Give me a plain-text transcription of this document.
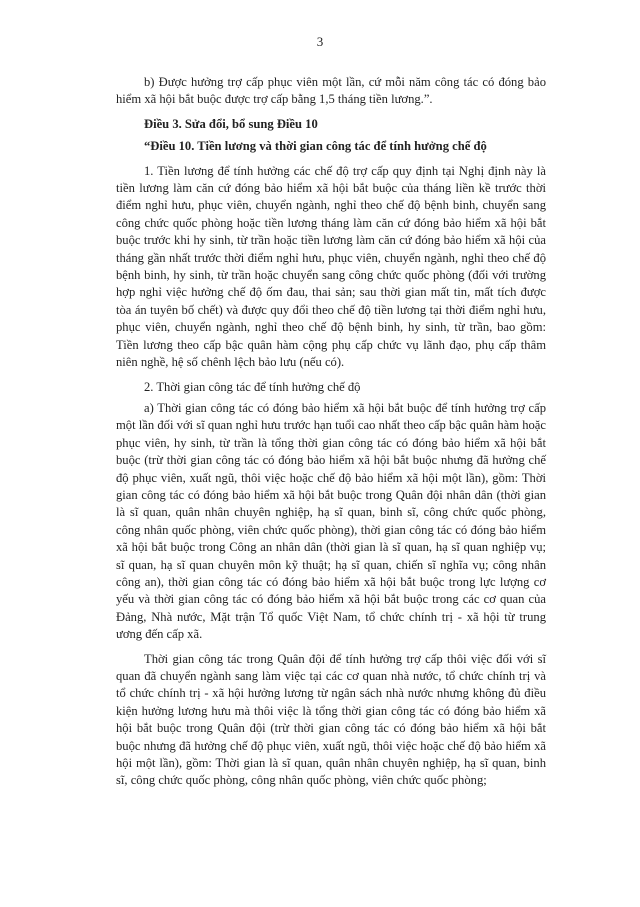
3

b) Được hưởng trợ cấp phục viên một lần, cứ mỗi năm công tác có đóng bảo hiểm xã hội bắt buộc được trợ cấp bằng 1,5 tháng tiền lương.”.

Điều 3. Sửa đổi, bổ sung Điều 10

“Điều 10. Tiền lương và thời gian công tác để tính hưởng chế độ

1. Tiền lương để tính hưởng các chế độ trợ cấp quy định tại Nghị định này là tiền lương làm căn cứ đóng bảo hiểm xã hội bắt buộc của tháng liền kề trước thời điểm nghỉ hưu, phục viên, chuyển ngành, nghỉ theo chế độ bệnh binh, chuyển sang công chức quốc phòng hoặc tiền lương tháng làm căn cứ đóng bảo hiểm xã hội bắt buộc trước khi hy sinh, từ trần hoặc tiền lương làm căn cứ đóng bảo hiểm xã hội của tháng gần nhất trước thời điểm nghỉ hưu, phục viên, chuyển ngành, nghỉ theo chế độ bệnh binh, hy sinh, từ trần hoặc chuyển sang công chức quốc phòng (đối với trường hợp nghỉ việc hưởng chế độ ốm đau, thai sản; sau thời gian mất tin, mất tích được tòa án tuyên bố chết) và được quy đổi theo chế độ tiền lương tại thời điểm nghỉ hưu, phục viên, chuyển ngành, nghỉ theo chế độ bệnh binh, hy sinh, từ trần, bao gồm: Tiền lương theo cấp bậc quân hàm cộng phụ cấp chức vụ lãnh đạo, phụ cấp thâm niên nghề, hệ số chênh lệch bảo lưu (nếu có).

2. Thời gian công tác để tính hưởng chế độ

a) Thời gian công tác có đóng bảo hiểm xã hội bắt buộc để tính hưởng trợ cấp một lần đối với sĩ quan nghỉ hưu trước hạn tuổi cao nhất theo cấp bậc quân hàm hoặc phục viên, hy sinh, từ trần là tổng thời gian công tác có đóng bảo hiểm xã hội bắt buộc (trừ thời gian công tác có đóng bảo hiểm xã hội bắt buộc nhưng đã hưởng chế độ phục viên, xuất ngũ, thôi việc hoặc chế độ bảo hiểm xã hội một lần), gồm: Thời gian công tác có đóng bảo hiểm xã hội bắt buộc trong Quân đội nhân dân (thời gian là sĩ quan, quân nhân chuyên nghiệp, hạ sĩ quan, binh sĩ, công chức quốc phòng, công nhân quốc phòng, viên chức quốc phòng), thời gian công tác có đóng bảo hiểm xã hội bắt buộc trong Công an nhân dân (thời gian là sĩ quan, hạ sĩ quan nghiệp vụ; sĩ quan, hạ sĩ quan chuyên môn kỹ thuật; hạ sĩ quan, chiến sĩ nghĩa vụ; công nhân công an), thời gian công tác có đóng bảo hiểm xã hội bắt buộc trong lực lượng cơ yếu và thời gian công tác có đóng bảo hiểm xã hội bắt buộc trong các cơ quan của Đảng, Nhà nước, Mặt trận Tổ quốc Việt Nam, tổ chức chính trị - xã hội từ trung ương đến cấp xã.

Thời gian công tác trong Quân đội để tính hưởng trợ cấp thôi việc đối với sĩ quan đã chuyển ngành sang làm việc tại các cơ quan nhà nước, tổ chức chính trị và tổ chức chính trị - xã hội hưởng lương từ ngân sách nhà nước nhưng không đủ điều kiện hưởng lương hưu mà thôi việc là tổng thời gian công tác có đóng bảo hiểm xã hội bắt buộc trong Quân đội (trừ thời gian công tác có đóng bảo hiểm xã hội bắt buộc nhưng đã hưởng chế độ phục viên, xuất ngũ, thôi việc hoặc chế độ bảo hiểm xã hội một lần), gồm: Thời gian là sĩ quan, quân nhân chuyên nghiệp, hạ sĩ quan, binh sĩ, công chức quốc phòng, công nhân quốc phòng, viên chức quốc phòng;
